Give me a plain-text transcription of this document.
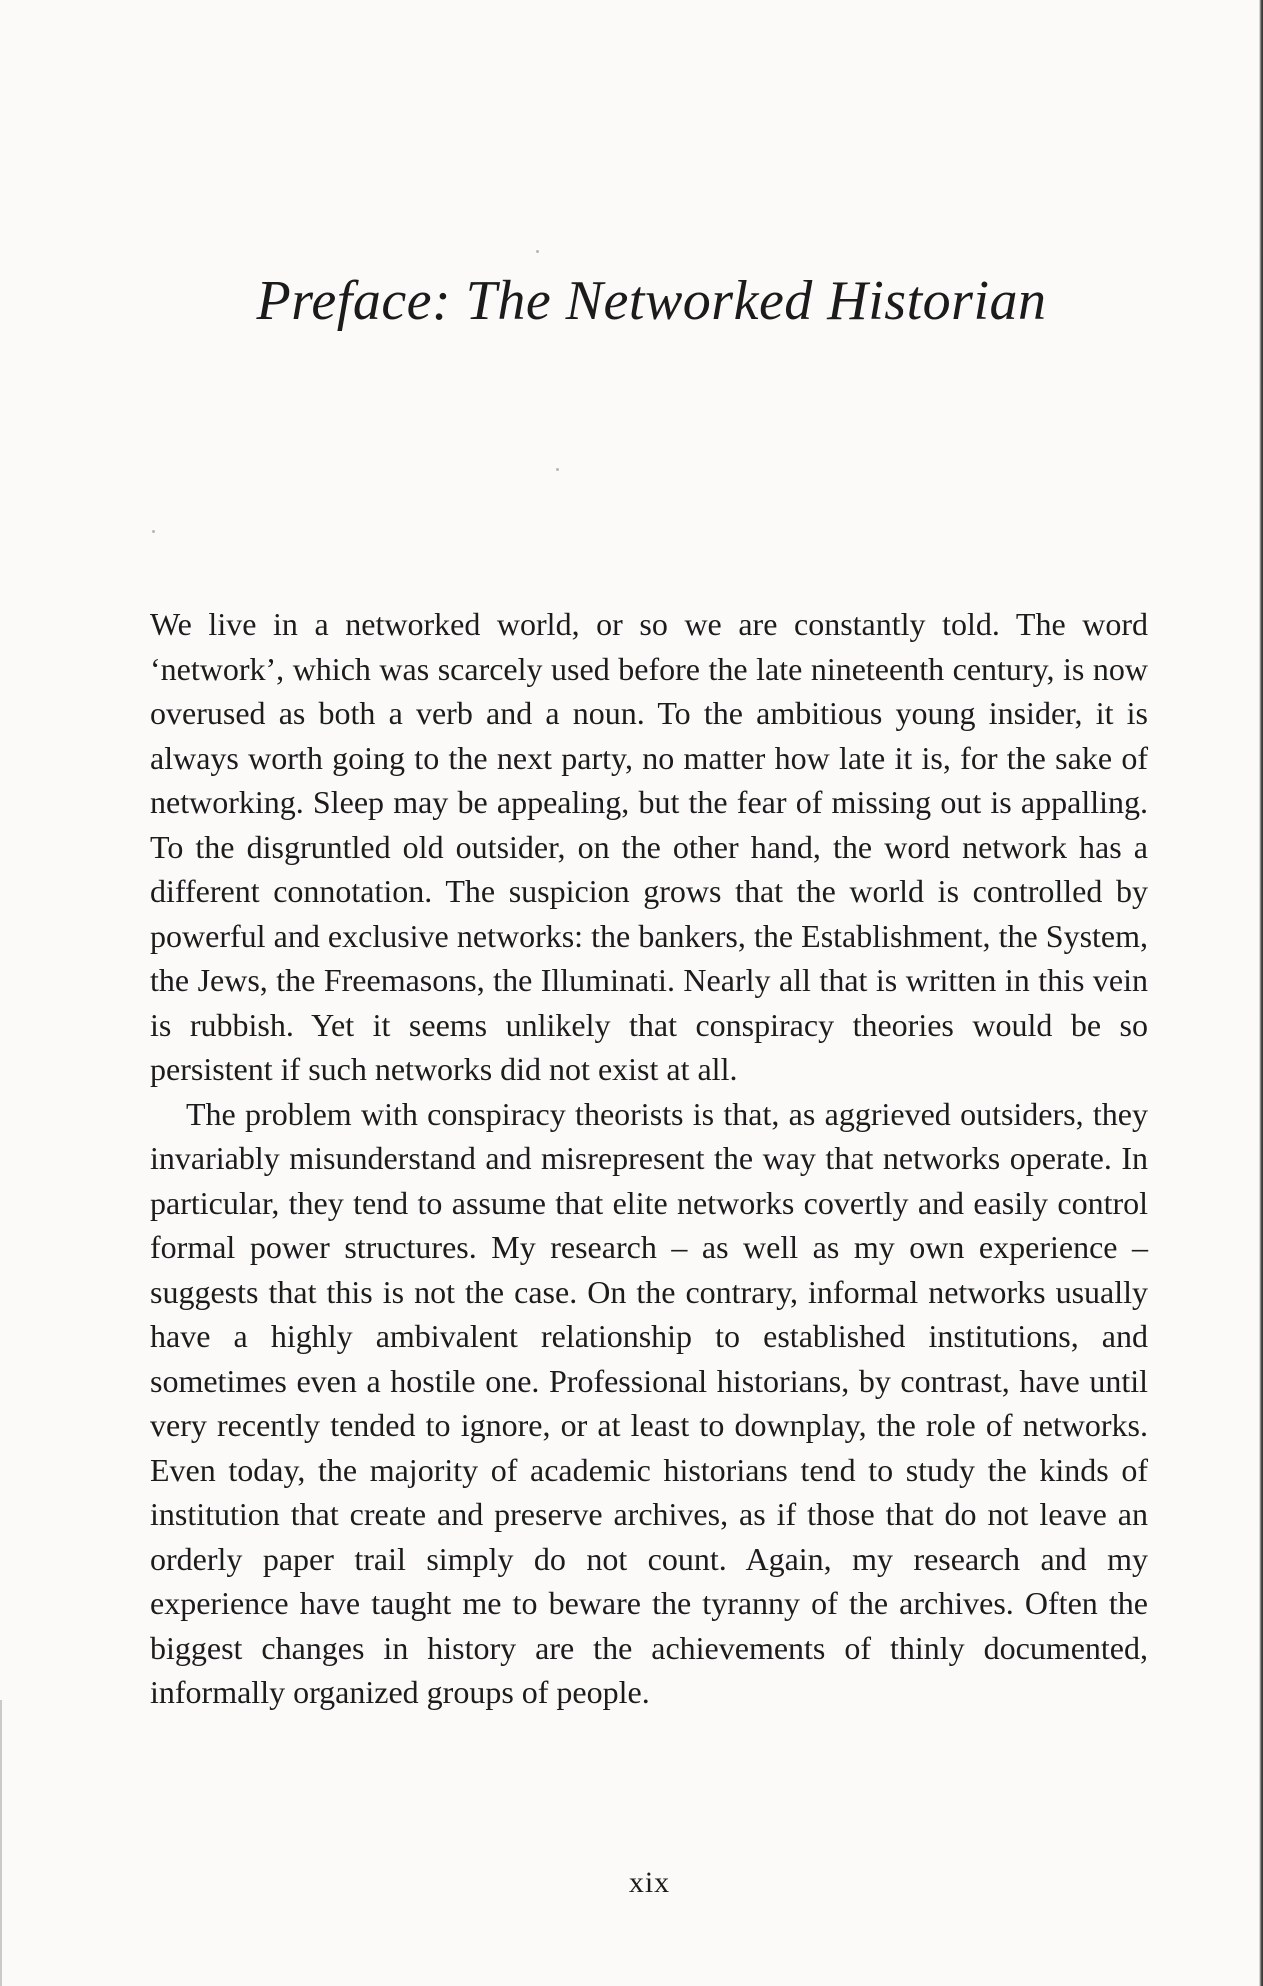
Preface: The Networked Historian

We live in a networked world, or so we are constantly told. The word ‘network’, which was scarcely used before the late nineteenth century, is now overused as both a verb and a noun. To the ambitious young insider, it is always worth going to the next party, no matter how late it is, for the sake of networking. Sleep may be appealing, but the fear of missing out is appalling. To the disgruntled old outsider, on the other hand, the word network has a different connotation. The suspicion grows that the world is controlled by powerful and exclusive networks: the bankers, the Establishment, the System, the Jews, the Freemasons, the Illuminati. Nearly all that is written in this vein is rubbish. Yet it seems unlikely that conspiracy theories would be so persistent if such networks did not exist at all.

The problem with conspiracy theorists is that, as aggrieved outsiders, they invariably misunderstand and misrepresent the way that networks operate. In particular, they tend to assume that elite networks covertly and easily control formal power structures. My research – as well as my own experience – suggests that this is not the case. On the contrary, informal networks usually have a highly ambivalent relationship to established institutions, and sometimes even a hostile one. Professional historians, by contrast, have until very recently tended to ignore, or at least to downplay, the role of networks. Even today, the majority of academic historians tend to study the kinds of institution that create and preserve archives, as if those that do not leave an orderly paper trail simply do not count. Again, my research and my experience have taught me to beware the tyranny of the archives. Often the biggest changes in history are the achievements of thinly documented, informally organized groups of people.

xix
